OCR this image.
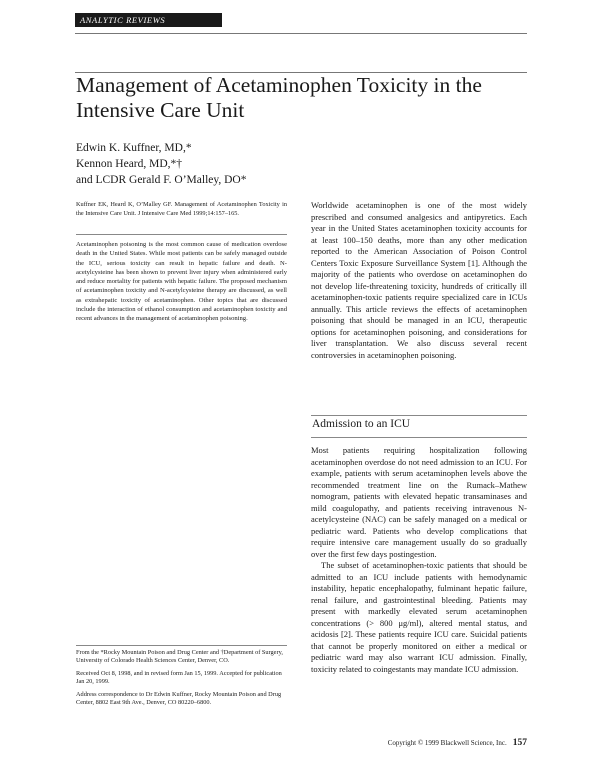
ANALYTIC REVIEWS
Management of Acetaminophen Toxicity in the Intensive Care Unit
Edwin K. Kuffner, MD,*
Kennon Heard, MD,*†
and LCDR Gerald F. O’Malley, DO*
Kuffner EK, Heard K, O’Malley GF. Management of Acetaminophen Toxicity in the Intensive Care Unit. J Intensive Care Med 1999;14:157–165.
Acetaminophen poisoning is the most common cause of medication overdose death in the United States. While most patients can be safely managed outside the ICU, serious toxicity can result in hepatic failure and death. N-acetylcysteine has been shown to prevent liver injury when administered early and reduce mortality for patients with hepatic failure. The proposed mechanism of acetaminophen toxicity and N-acetylcysteine therapy are discussed, as well as extrahepatic toxicity of acetaminophen. Other topics that are discussed include the interaction of ethanol consumption and acetaminophen toxicity and recent advances in the management of acetaminophen poisoning.

From the *Rocky Mountain Poison and Drug Center and †Department of Surgery, University of Colorado Health Sciences Center, Denver, CO.

Received Oct 8, 1998, and in revised form Jan 15, 1999. Accepted for publication Jan 20, 1999.

Address correspondence to Dr Edwin Kuffner, Rocky Mountain Poison and Drug Center, 8802 East 9th Ave., Denver, CO 80220–6800.

Worldwide acetaminophen is one of the most widely prescribed and consumed analgesics and antipyretics. Each year in the United States acetaminophen toxicity accounts for at least 100–150 deaths, more than any other medication reported to the American Association of Poison Control Centers Toxic Exposure Surveillance System [1]. Although the majority of the patients who overdose on acetaminophen do not develop life-threatening toxicity, hundreds of critically ill acetaminophen-toxic patients require specialized care in ICUs annually. This article reviews the effects of acetaminophen poisoning that should be managed in an ICU, therapeutic options for acetaminophen poisoning, and considerations for liver transplantation. We also discuss several recent controversies in acetaminophen poisoning.

Admission to an ICU

Most patients requiring hospitalization following acetaminophen overdose do not need admission to an ICU. For example, patients with serum acetaminophen levels above the recommended treatment line on the Rumack–Mathew nomogram, patients with elevated hepatic transaminases and mild coagulopathy, and patients receiving intravenous N-acetylcysteine (NAC) can be safely managed on a medical or pediatric ward. Patients who develop complications that require intensive care management usually do so gradually over the first few days postingestion.

The subset of acetaminophen-toxic patients that should be admitted to an ICU include patients with hemodynamic instability, hepatic encephalopathy, fulminant hepatic failure, renal failure, and gastrointestinal bleeding. Patients may present with markedly elevated serum acetaminophen concentrations (> 800 μg/ml), altered mental status, and acidosis [2]. These patients require ICU care. Suicidal patients that cannot be properly monitored on either a medical or pediatric ward may also warrant ICU admission. Finally, toxicity related to coingestants may mandate ICU admission.

Copyright © 1999 Blackwell Science, Inc. 157
